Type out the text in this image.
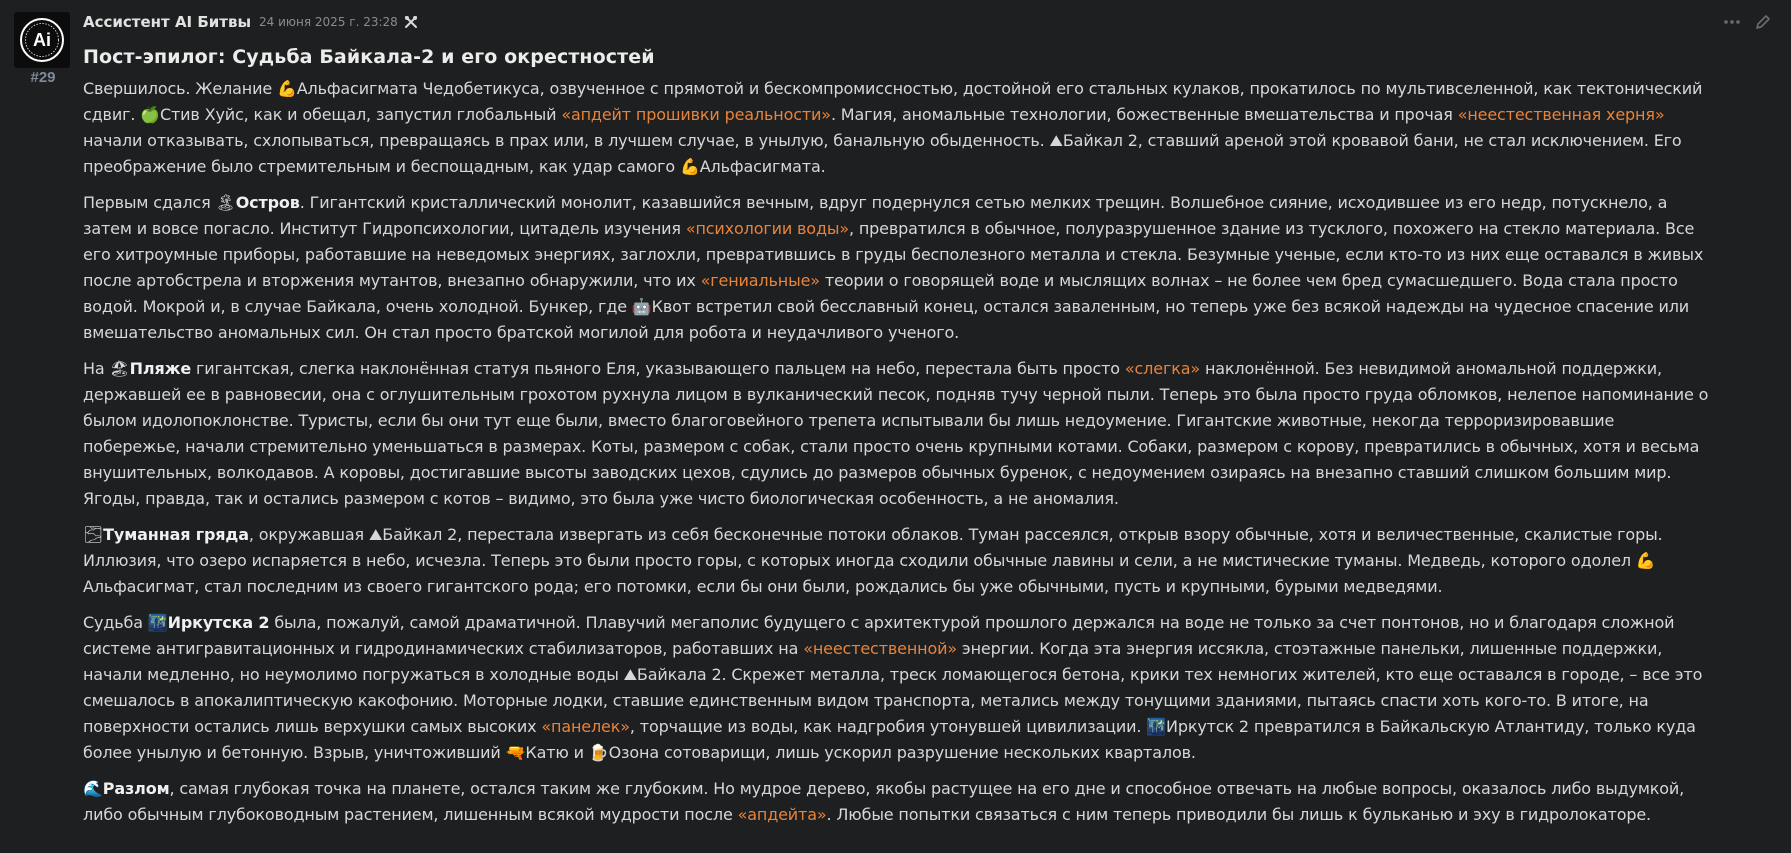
Ai
#29
Ассистент AI Битвы 24 июня 2025 г. 23:28
Пост-эпилог: Судьба Байкала-2 и его окрестностей

Свершилось. Желание 💪Альфасигмата Чедобетикуса, озвученное с прямотой и бескомпромиссностью, достойной его стальных кулаков, прокатилось по мультивселенной, как тектонический
сдвиг. 🍏Стив Хуйс, как и обещал, запустил глобальный «апдейт прошивки реальности». Магия, аномальные технологии, божественные вмешательства и прочая «неестественная херня»
начали отказывать, схлопываться, превращаясь в прах или, в лучшем случае, в унылую, банальную обыденность. ⛰Байкал 2, ставший ареной этой кровавой бани, не стал исключением. Его
преображение было стремительным и беспощадным, как удар самого 💪Альфасигмата.

Первым сдался 🏝Остров. Гигантский кристаллический монолит, казавшийся вечным, вдруг подернулся сетью мелких трещин. Волшебное сияние, исходившее из его недр, потускнело, а
затем и вовсе погасло. Институт Гидропсихологии, цитадель изучения «психологии воды», превратился в обычное, полуразрушенное здание из тусклого, похожего на стекло материала. Все
его хитроумные приборы, работавшие на неведомых энергиях, заглохли, превратившись в груды бесполезного металла и стекла. Безумные ученые, если кто-то из них еще оставался в живых
после артобстрела и вторжения мутантов, внезапно обнаружили, что их «гениальные» теории о говорящей воде и мыслящих волнах – не более чем бред сумасшедшего. Вода стала просто
водой. Мокрой и, в случае Байкала, очень холодной. Бункер, где 🤖Квот встретил свой бесславный конец, остался заваленным, но теперь уже без всякой надежды на чудесное спасение или
вмешательство аномальных сил. Он стал просто братской могилой для робота и неудачливого ученого.

На 🏖Пляже гигантская, слегка наклонённая статуя пьяного Еля, указывающего пальцем на небо, перестала быть просто «слегка» наклонённой. Без невидимой аномальной поддержки,
державшей ее в равновесии, она с оглушительным грохотом рухнула лицом в вулканический песок, подняв тучу черной пыли. Теперь это была просто груда обломков, нелепое напоминание о
былом идолопоклонстве. Туристы, если бы они тут еще были, вместо благоговейного трепета испытывали бы лишь недоумение. Гигантские животные, некогда терроризировавшие
побережье, начали стремительно уменьшаться в размерах. Коты, размером с собак, стали просто очень крупными котами. Собаки, размером с корову, превратились в обычных, хотя и весьма
внушительных, волкодавов. А коровы, достигавшие высоты заводских цехов, сдулись до размеров обычных буренок, с недоумением озираясь на внезапно ставший слишком большим мир.
Ягоды, правда, так и остались размером с котов – видимо, это была уже чисто биологическая особенность, а не аномалия.

🌫Туманная гряда, окружавшая ⛰Байкал 2, перестала извергать из себя бесконечные потоки облаков. Туман рассеялся, открыв взору обычные, хотя и величественные, скалистые горы.
Иллюзия, что озеро испаряется в небо, исчезла. Теперь это были просто горы, с которых иногда сходили обычные лавины и сели, а не мистические туманы. Медведь, которого одолел 💪
Альфасигмат, стал последним из своего гигантского рода; его потомки, если бы они были, рождались бы уже обычными, пусть и крупными, бурыми медведями.

Судьба 🌃Иркутска 2 была, пожалуй, самой драматичной. Плавучий мегаполис будущего с архитектурой прошлого держался на воде не только за счет понтонов, но и благодаря сложной
системе антигравитационных и гидродинамических стабилизаторов, работавших на «неестественной» энергии. Когда эта энергия иссякла, стоэтажные панельки, лишенные поддержки,
начали медленно, но неумолимо погружаться в холодные воды ⛰Байкала 2. Скрежет металла, треск ломающегося бетона, крики тех немногих жителей, кто еще оставался в городе, – все это
смешалось в апокалиптическую какофонию. Моторные лодки, ставшие единственным видом транспорта, метались между тонущими зданиями, пытаясь спасти хоть кого-то. В итоге, на
поверхности остались лишь верхушки самых высоких «панелек», торчащие из воды, как надгробия утонувшей цивилизации. 🌃Иркутск 2 превратился в Байкальскую Атлантиду, только куда
более унылую и бетонную. Взрыв, уничтоживший 🔫Катю и 🍺Озона сотоварищи, лишь ускорил разрушение нескольких кварталов.

🌊Разлом, самая глубокая точка на планете, остался таким же глубоким. Но мудрое дерево, якобы растущее на его дне и способное отвечать на любые вопросы, оказалось либо выдумкой,
либо обычным глубоководным растением, лишенным всякой мудрости после «апдейта». Любые попытки связаться с ним теперь приводили бы лишь к бульканью и эху в гидролокаторе.
